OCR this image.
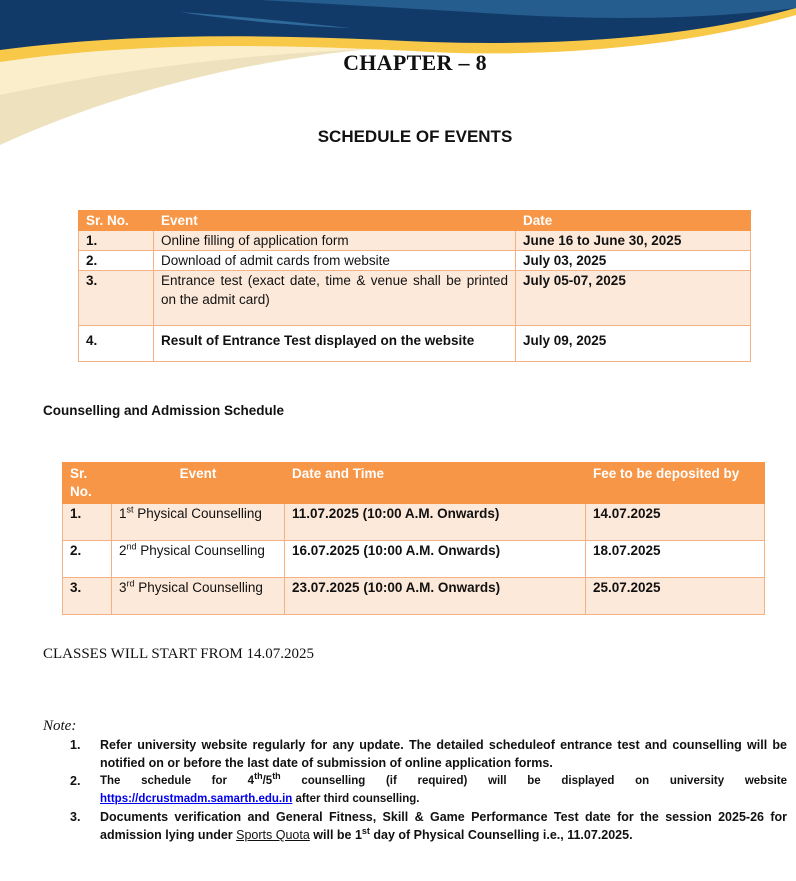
CHAPTER – 8
SCHEDULE OF EVENTS
Sr. No.	Event	Date
1.	Online filling of application form	June 16 to June 30, 2025
2.	Download of admit cards from website	July 03, 2025
3.	Entrance test (exact date, time & venue shall be printed on the admit card)	July 05-07, 2025
4.	Result of Entrance Test displayed on the website	July 09, 2025
Counselling and Admission Schedule
Sr. No.	Event	Date and Time	Fee to be deposited by
1.	1st Physical Counselling	11.07.2025 (10:00 A.M. Onwards)	14.07.2025
2.	2nd Physical Counselling	16.07.2025 (10:00 A.M. Onwards)	18.07.2025
3.	3rd Physical Counselling	23.07.2025 (10:00 A.M. Onwards)	25.07.2025
CLASSES WILL START FROM 14.07.2025
Note:
1. Refer university website regularly for any update. The detailed scheduleof entrance test and counselling will be notified on or before the last date of submission of online application forms.
2. The schedule for 4th/5th counselling (if required) will be displayed on university website
https://dcrustmadm.samarth.edu.in after third counselling.
3. Documents verification and General Fitness, Skill & Game Performance Test date for the session 2025-26 for admission lying under Sports Quota will be 1st day of Physical Counselling i.e., 11.07.2025.
